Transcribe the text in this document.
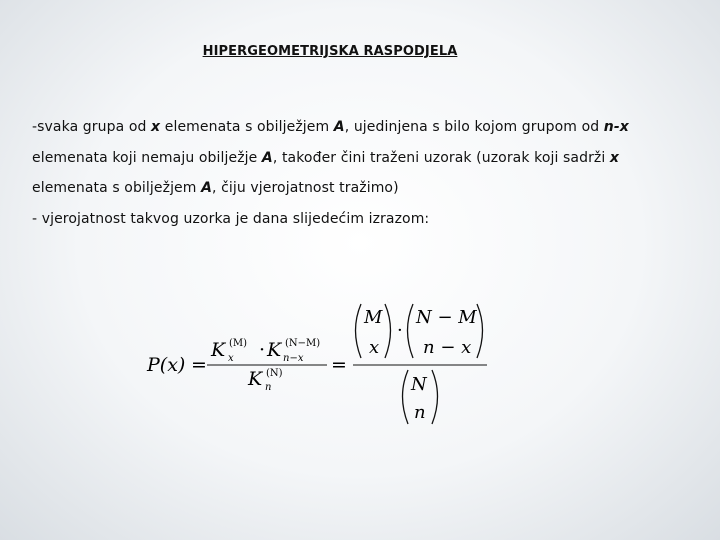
HIPERGEOMETRIJSKA RASPODJELA

-svaka grupa od x elemenata s obilježjem A, ujedinjena s bilo kojom grupom od n-x

elemenata koji nemaju obilježje A, također čini traženi uzorak (uzorak koji sadrži x

elemenata s obilježjem A, čiju vjerojatnost tražimo)

- vjerojatnost takvog uzorka je dana slijedećim izrazom:

P(x) =
K (M)
x · K (N−M)
n−x
K (N)
n
=
M
x
·
N − M
n − x
N
n
